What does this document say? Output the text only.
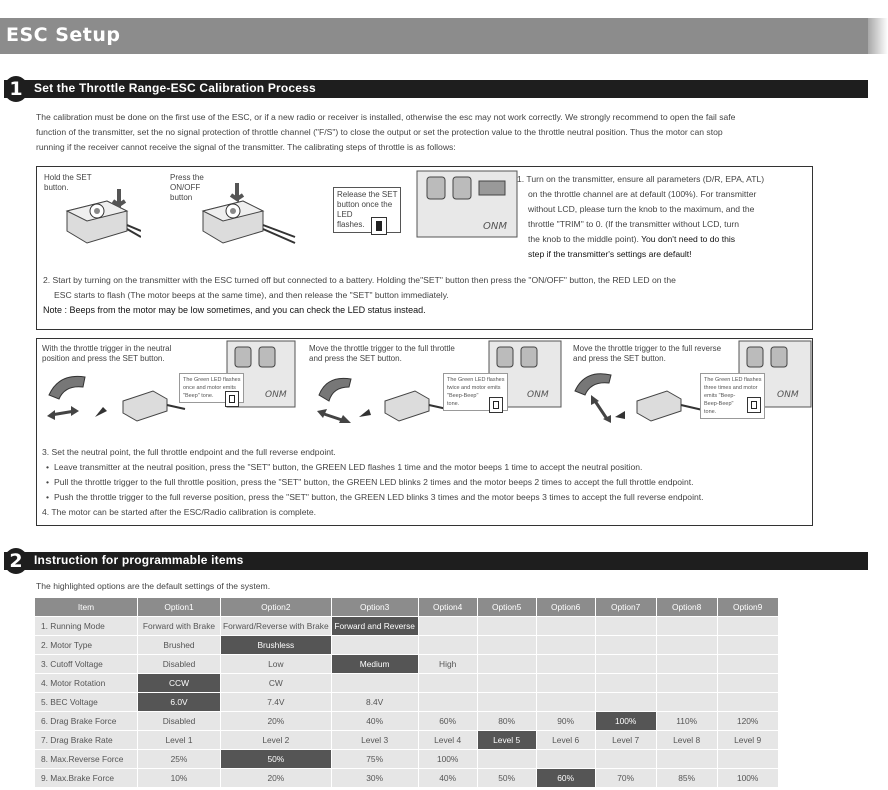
ESC Setup
1 Set the Throttle Range-ESC Calibration Process
The calibration must be done on the first use of the ESC, or if a new radio or receiver is installed, otherwise the esc may not work correctly. We strongly recommend to open the fail safe
function of the transmitter, set the no signal protection of throttle channel ("F/S") to close the output or set the protection value to the throttle neutral position. Thus the motor can stop
running if the receiver cannot receive the signal of the transmitter. The calibrating steps of throttle is as follows:
Hold the SET
button.
Press the
ON/OFF
button	Release the SET
button once the
LED
flashes.	ONM
1. Turn on the transmitter, ensure all parameters (D/R, EPA, ATL)
on the throttle channel are at default (100%). For transmitter
without LCD, please turn the knob to the maximum, and the
throttle "TRIM" to 0. (If the transmitter without LCD, turn
the knob to the middle point). You don't need to do this
step if the transmitter's settings are default!
2. Start by turning on the transmitter with the ESC turned off but connected to a battery. Holding the"SET" button then press the "ON/OFF" button, the RED LED on the
ESC starts to flash (The motor beeps at the same time), and then release the "SET" button immediately.
Note : Beeps from the motor may be low sometimes, and you can check the LED status instead.
With the throttle trigger in the neutral
position and press the SET button.
ONM
The Green LED flashes
once and motor emits
"Beep" tone.
Move the throttle trigger to the full throttle
and press the SET button.
ONM
The Green LED flashes
twice and motor emits
"Beep-Beep"
tone.
Move the throttle trigger to the full reverse
and press the SET button.
ONM
The Green LED flashes
three times and motor
emits "Beep-
Beep-Beep"
tone.
3. Set the neutral point, the full throttle endpoint and the full reverse endpoint.
• Leave transmitter at the neutral position, press the "SET" button, the GREEN LED flashes 1 time and the motor beeps 1 time to accept the neutral position.
• Pull the throttle trigger to the full throttle position, press the "SET" button, the GREEN LED blinks 2 times and the motor beeps 2 times to accept the full throttle endpoint.
• Push the throttle trigger to the full reverse position, press the "SET" button, the GREEN LED blinks 3 times and the motor beeps 3 times to accept the full reverse endpoint.
4. The motor can be started after the ESC/Radio calibration is complete.
2 Instruction for programmable items
The highlighted options are the default settings of the system.
Item	Option1	Option2	Option3	Option4	Option5	Option6	Option7	Option8	Option9
1. Running Mode	Forward with Brake	Forward/Reverse with Brake	Forward and Reverse						
2. Motor Type	Brushed	Brushless							
3. Cutoff Voltage	Disabled	Low	Medium	High					
4. Motor Rotation	CCW	CW							
5. BEC Voltage	6.0V	7.4V	8.4V						
6. Drag Brake Force	Disabled	20%	40%	60%	80%	90%	100%	110%	120%
7. Drag Brake Rate	Level 1	Level 2	Level 3	Level 4	Level 5	Level 6	Level 7	Level 8	Level 9
8. Max.Reverse Force	25%	50%	75%	100%					
9. Max.Brake Force	10%	20%	30%	40%	50%	60%	70%	85%	100%
